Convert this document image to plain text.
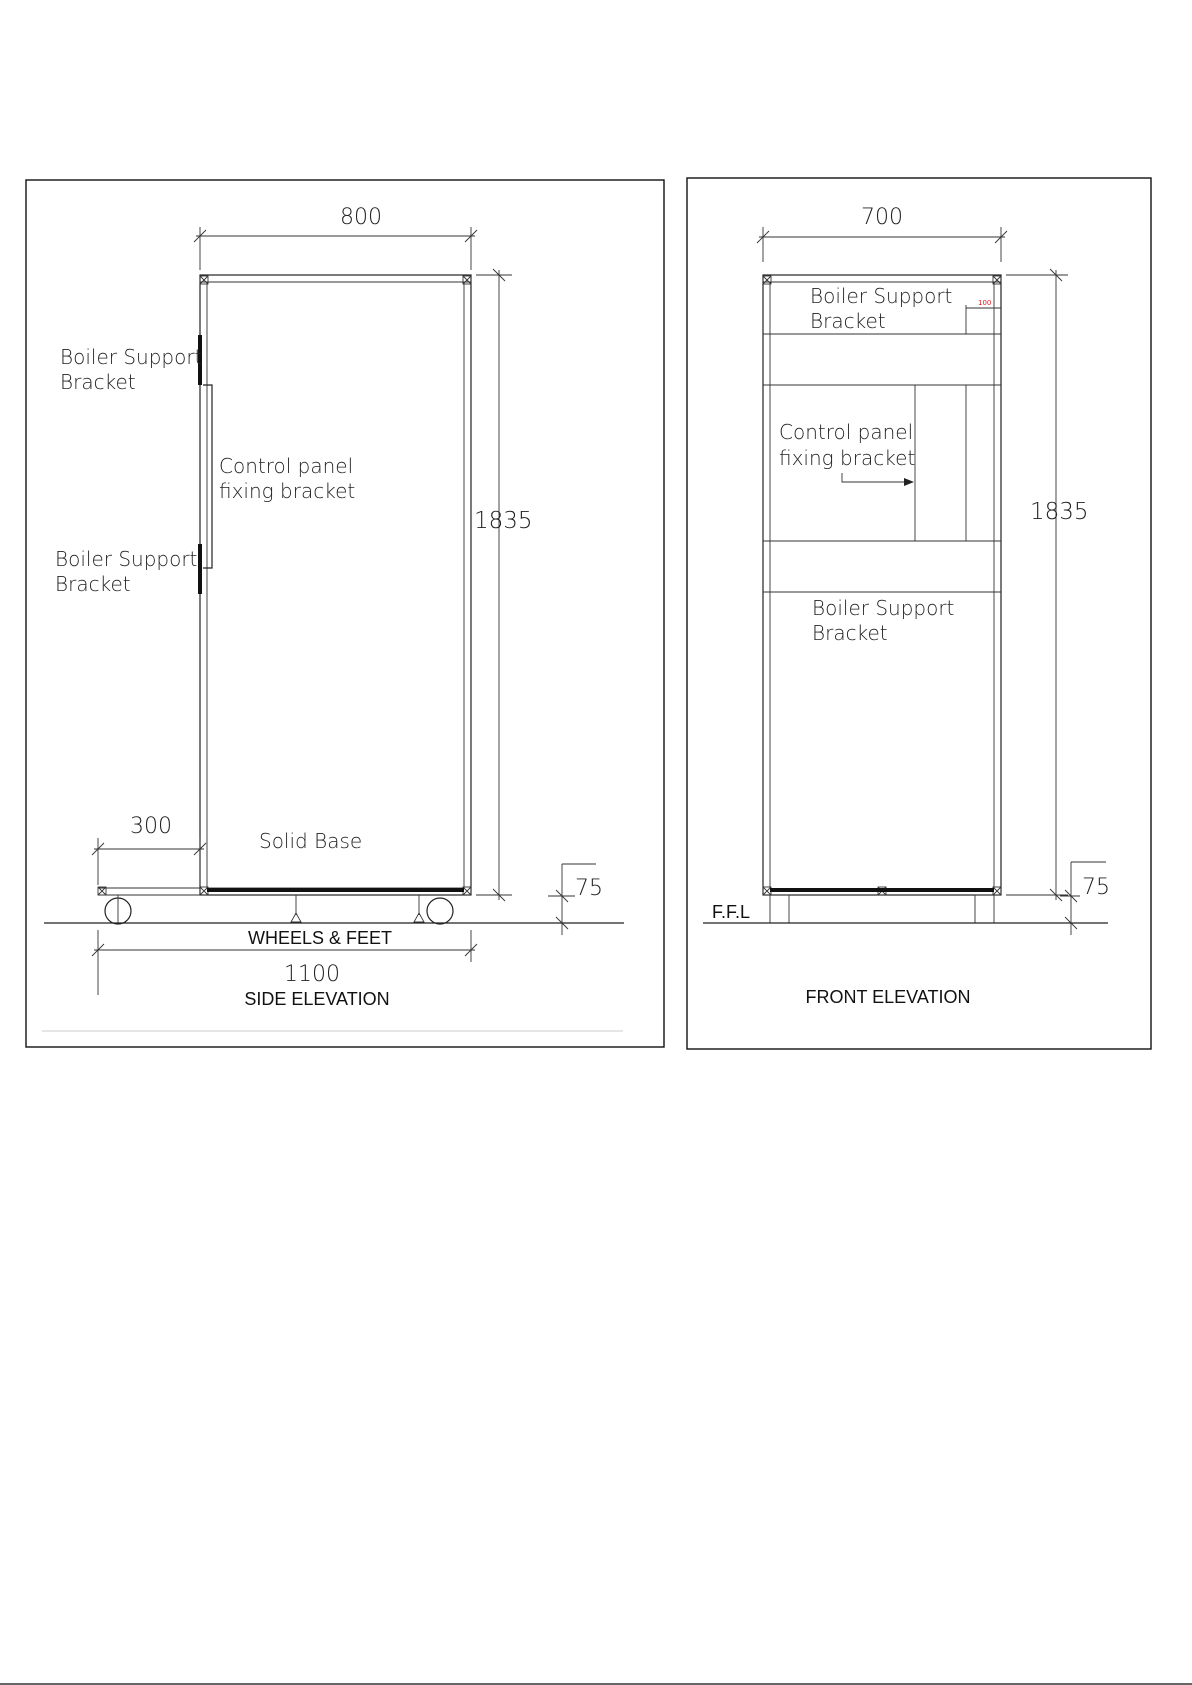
800
1835
75
300
1100
Boiler Support
Bracket
Control panel
fixing bracket
Boiler Support
Bracket
Solid Base
WHEELS & FEET
SIDE ELEVATION
100
700
1835
75
Boiler Support
Bracket
Control panel
fixing bracket
Boiler Support
Bracket
F.F.L
FRONT ELEVATION
